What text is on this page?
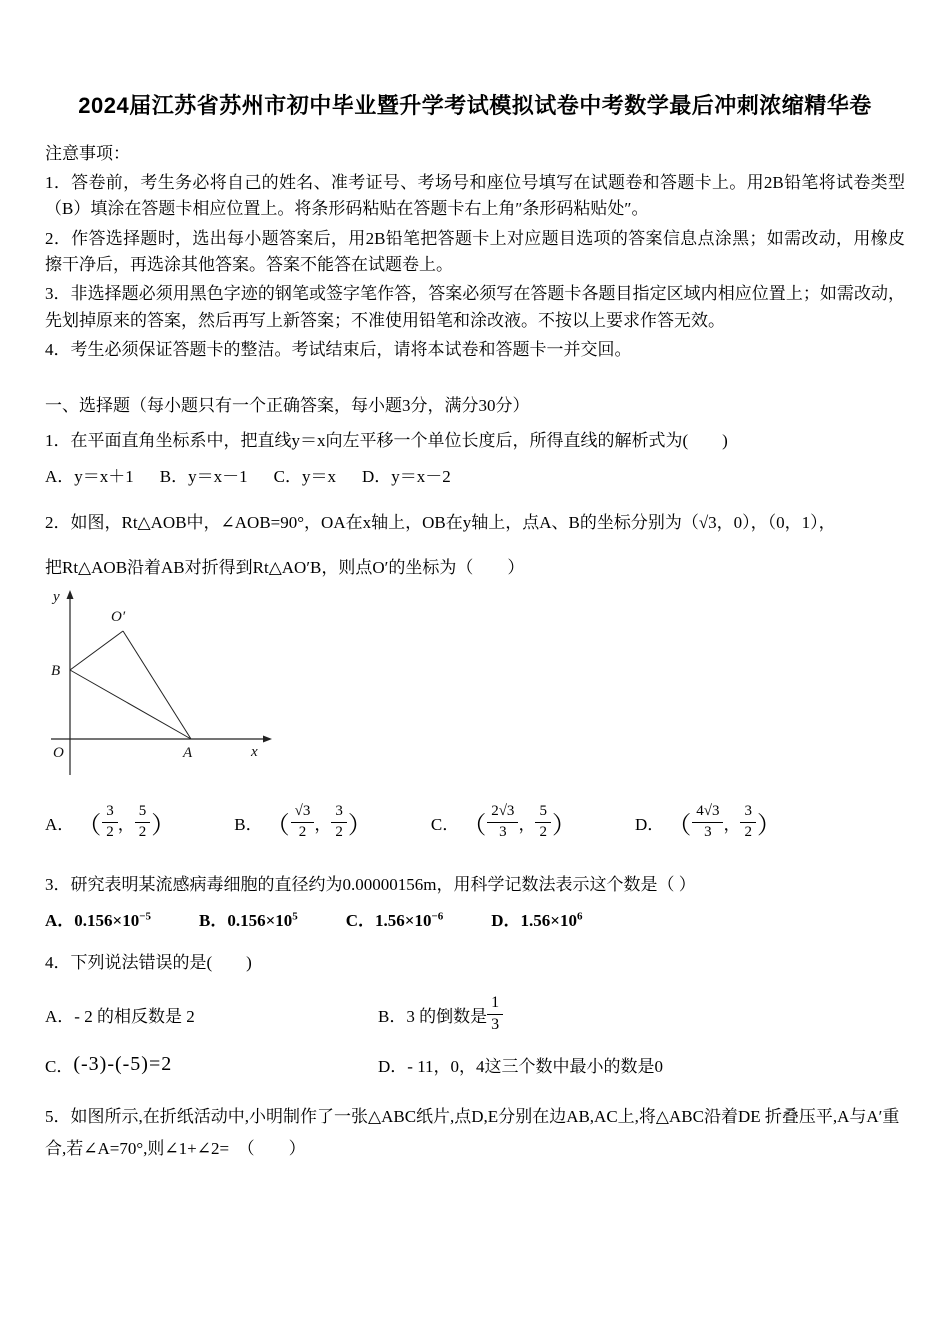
2024届江苏省苏州市初中毕业暨升学考试模拟试卷中考数学最后冲刺浓缩精华卷

注意事项：

1．答卷前，考生务必将自己的姓名、准考证号、考场号和座位号填写在试题卷和答题卡上。用2B铅笔将试卷类型（B）填涂在答题卡相应位置上。将条形码粘贴在答题卡右上角″条形码粘贴处″。

2．作答选择题时，选出每小题答案后，用2B铅笔把答题卡上对应题目选项的答案信息点涂黑；如需改动，用橡皮擦干净后，再选涂其他答案。答案不能答在试题卷上。

3．非选择题必须用黑色字迹的钢笔或签字笔作答，答案必须写在答题卡各题目指定区域内相应位置上；如需改动，先划掉原来的答案，然后再写上新答案；不准使用铅笔和涂改液。不按以上要求作答无效。

4．考生必须保证答题卡的整洁。考试结束后，请将本试卷和答题卡一并交回。

一、选择题（每小题只有一个正确答案，每小题3分，满分30分）

1．在平面直角坐标系中，把直线y＝x向左平移一个单位长度后，所得直线的解析式为(　　)

A．y＝x＋1 B．y＝x－1 C．y＝x D．y＝x－2

2．如图，Rt△AOB中，∠AOB=90°，OA在x轴上，OB在y轴上，点A、B的坐标分别为（√3，0），（0，1），

把Rt△AOB沿着AB对折得到Rt△AO′B，则点O′的坐标为（　　）

y
x
O
B
O′
A
A． （ $\frac{3}{2}$ ， $\frac{5}{2}$ ）	B． （ $\frac{√3}{2}$ ， $\frac{3}{2}$ ）	C． （ $\frac{2√3}{3}$ ， $\frac{5}{2}$ ）	D． （ $\frac{4√3}{3}$ ， $\frac{3}{2}$ ）

3．研究表明某流感病毒细胞的直径约为0.00000156m，用科学记数法表示这个数是（ ）

A．$0.156\times 10^{-5}$	B．$0.156\times 10^5$	C．$1.56\times 10^{-6}$	D．$1.56\times 10^6$

4．下列说法错误的是(　　)

A．- 2 的相反数是 2	B．3 的倒数是 $\frac{1}{3}$
C． (-3)-(-5)=2	D．- 11，0，4这三个数中最小的数是0

5．如图所示,在折纸活动中,小明制作了一张△ABC纸片,点D,E分别在边AB,AC上,将△ABC沿着DE 折叠压平,A与A′重合,若∠A=70°,则∠1+∠2=　（　　）
